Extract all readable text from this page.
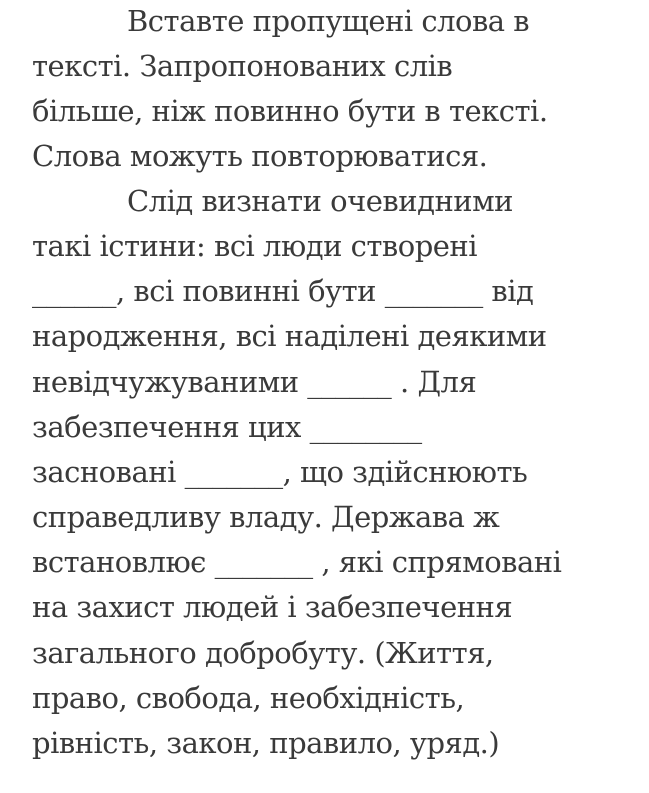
Вставте пропущені слова в
тексті. Запропонованих слів
більше, ніж повинно бути в тексті.
Слова можуть повторюватися.
Слід визнати очевидними
такі істини: всі люди створені
______, всі повинні бути _______ від
народження, всі наділені деякими
невідчужуваними ______ . Для
забезпечення цих ________
засновані _______, що здійснюють
справедливу владу. Держава ж
встановлює _______ , які спрямовані
на захист людей і забезпечення
загального добробуту. (Життя,
право, свобода, необхідність,
рівність, закон, правило, уряд.)
